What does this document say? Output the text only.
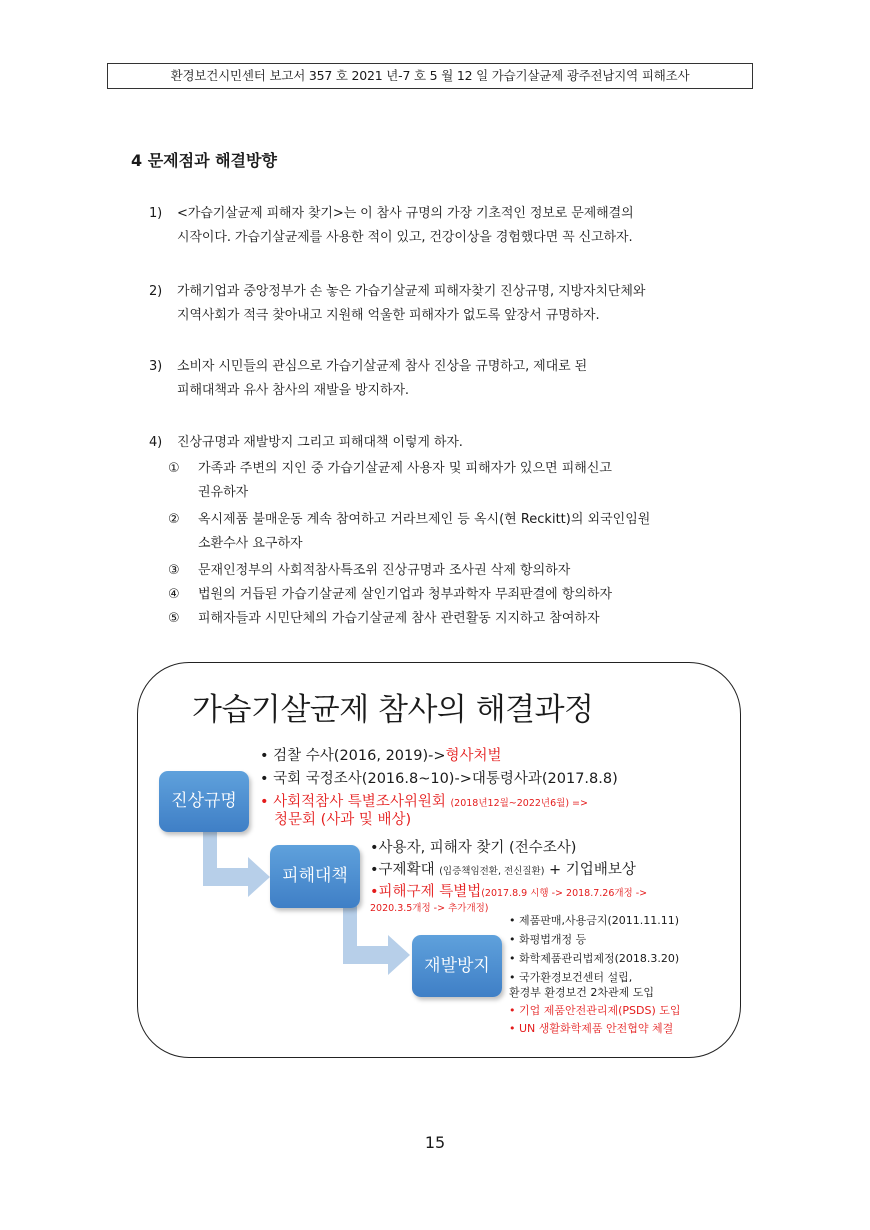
환경보건시민센터 보고서 357 호 2021 년-7 호 5 월 12 일 가습기살균제 광주전남지역 피해조사
4 문제점과 해결방향
1) <가습기살균제 피해자 찾기>는 이 참사 규명의 가장 기초적인 정보로 문제해결의
시작이다. 가습기살균제를 사용한 적이 있고, 건강이상을 경험했다면 꼭 신고하자.
2) 가해기업과 중앙정부가 손 놓은 가습기살균제 피해자찾기 진상규명, 지방자치단체와
지역사회가 적극 찾아내고 지원해 억울한 피해자가 없도록 앞장서 규명하자.
3) 소비자 시민들의 관심으로 가습기살균제 참사 진상을 규명하고, 제대로 된
피해대책과 유사 참사의 재발을 방지하자.
4) 진상규명과 재발방지 그리고 피해대책 이렇게 하자.
① 가족과 주변의 지인 중 가습기살균제 사용자 및 피해자가 있으면 피해신고
권유하자
② 옥시제품 불매운동 계속 참여하고 거라브제인 등 옥시(현 Reckitt)의 외국인임원
소환수사 요구하자
③ 문재인정부의 사회적참사특조위 진상규명과 조사권 삭제 항의하자
④ 법원의 거듭된 가습기살균제 살인기업과 청부과학자 무죄판결에 항의하자
⑤ 피해자들과 시민단체의 가습기살균제 참사 관련활동 지지하고 참여하자
가습기살균제 참사의 해결과정
진상규명
피해대책
재발방지
• 검찰 수사(2016, 2019)->형사처벌
• 국회 국정조사(2016.8~10)->대통령사과(2017.8.8)
• 사회적참사 특별조사위원회 (2018년12월~2022년6월) =>
청문회 (사과 및 배상)
•사용자, 피해자 찾기 (전수조사)
•구제확대 (입증책임전환, 전신질환) + 기업배보상
•피해구제 특별법(2017.8.9 시행 -> 2018.7.26개정 ->
2020.3.5개정 -> 추가개정)
• 제품판매,사용금지(2011.11.11)
• 화평법개정 등
• 화학제품관리법제정(2018.3.20)
• 국가환경보건센터 설립,
환경부 환경보건 2차관제 도입
• 기업 제품안전관리제(PSDS) 도입
• UN 생활화학제품 안전협약 체결
15
